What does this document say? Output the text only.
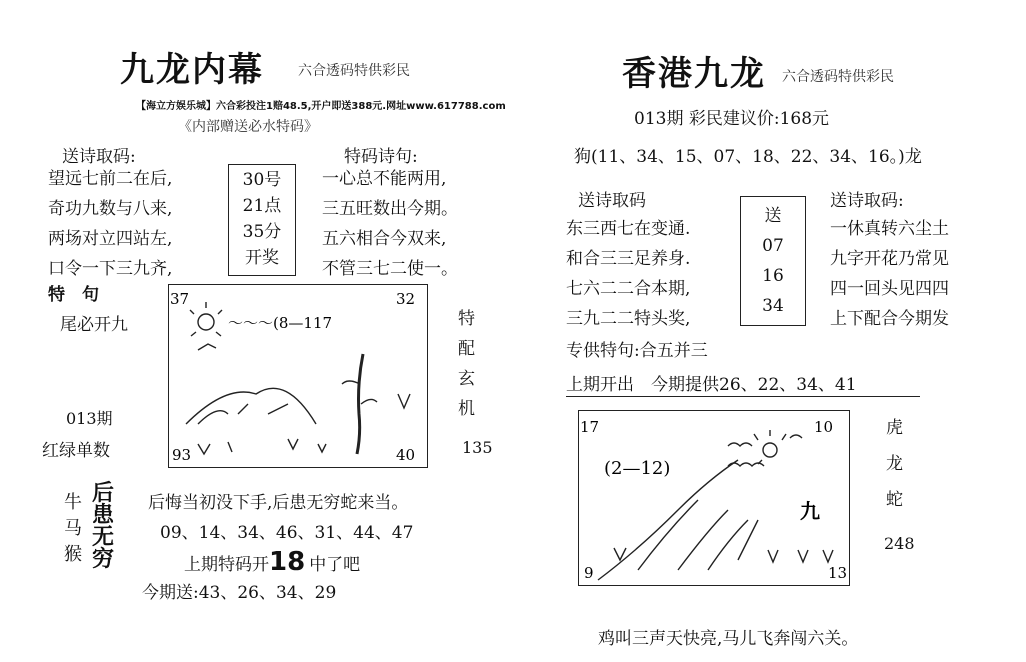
九龙内幕 六合透码特供彩民
【海立方娱乐城】六合彩投注1赔48.5,开户即送388元.网址www.617788.com
《内部赠送必水特码》
送诗取码:
望远七前二在后,
奇功九数与八来,
两场对立四站左,
口令一下三九齐,
30号
21点
35分
开奖
特码诗句:
一心总不能两用,
三五旺数出今期。
五六相合今双来,
不管三七二使一。
特　句
尾必开九
013期
红绿单数
37	32
93	40
〜〜〜(8—117	特
配
玄
机
135
牛
马
猴
后
患
无
穷
后悔当初没下手,后患无穷蛇来当。
09、14、34、46、31、44、47
上期特码开18 中了吧
今期送:43、26、34、29
香港九龙 六合透码特供彩民
013期 彩民建议价:168元
狗(11、34、15、07、18、22、34、16。)龙
送诗取码	送诗取码:
东三西七在变通.
和合三三足养身.
七六二二合本期,
三九二二特头奖,
送
07
16
34
一休真转六尘土
九字开花乃常见
四一回头见四四
上下配合今期发
专供特句:合五并三
上期开出　今期提供26、22、34、41
17	10
9	13
(2—12)
九
虎
龙
蛇
248
鸡叫三声天快亮,马儿飞奔闯六关。
